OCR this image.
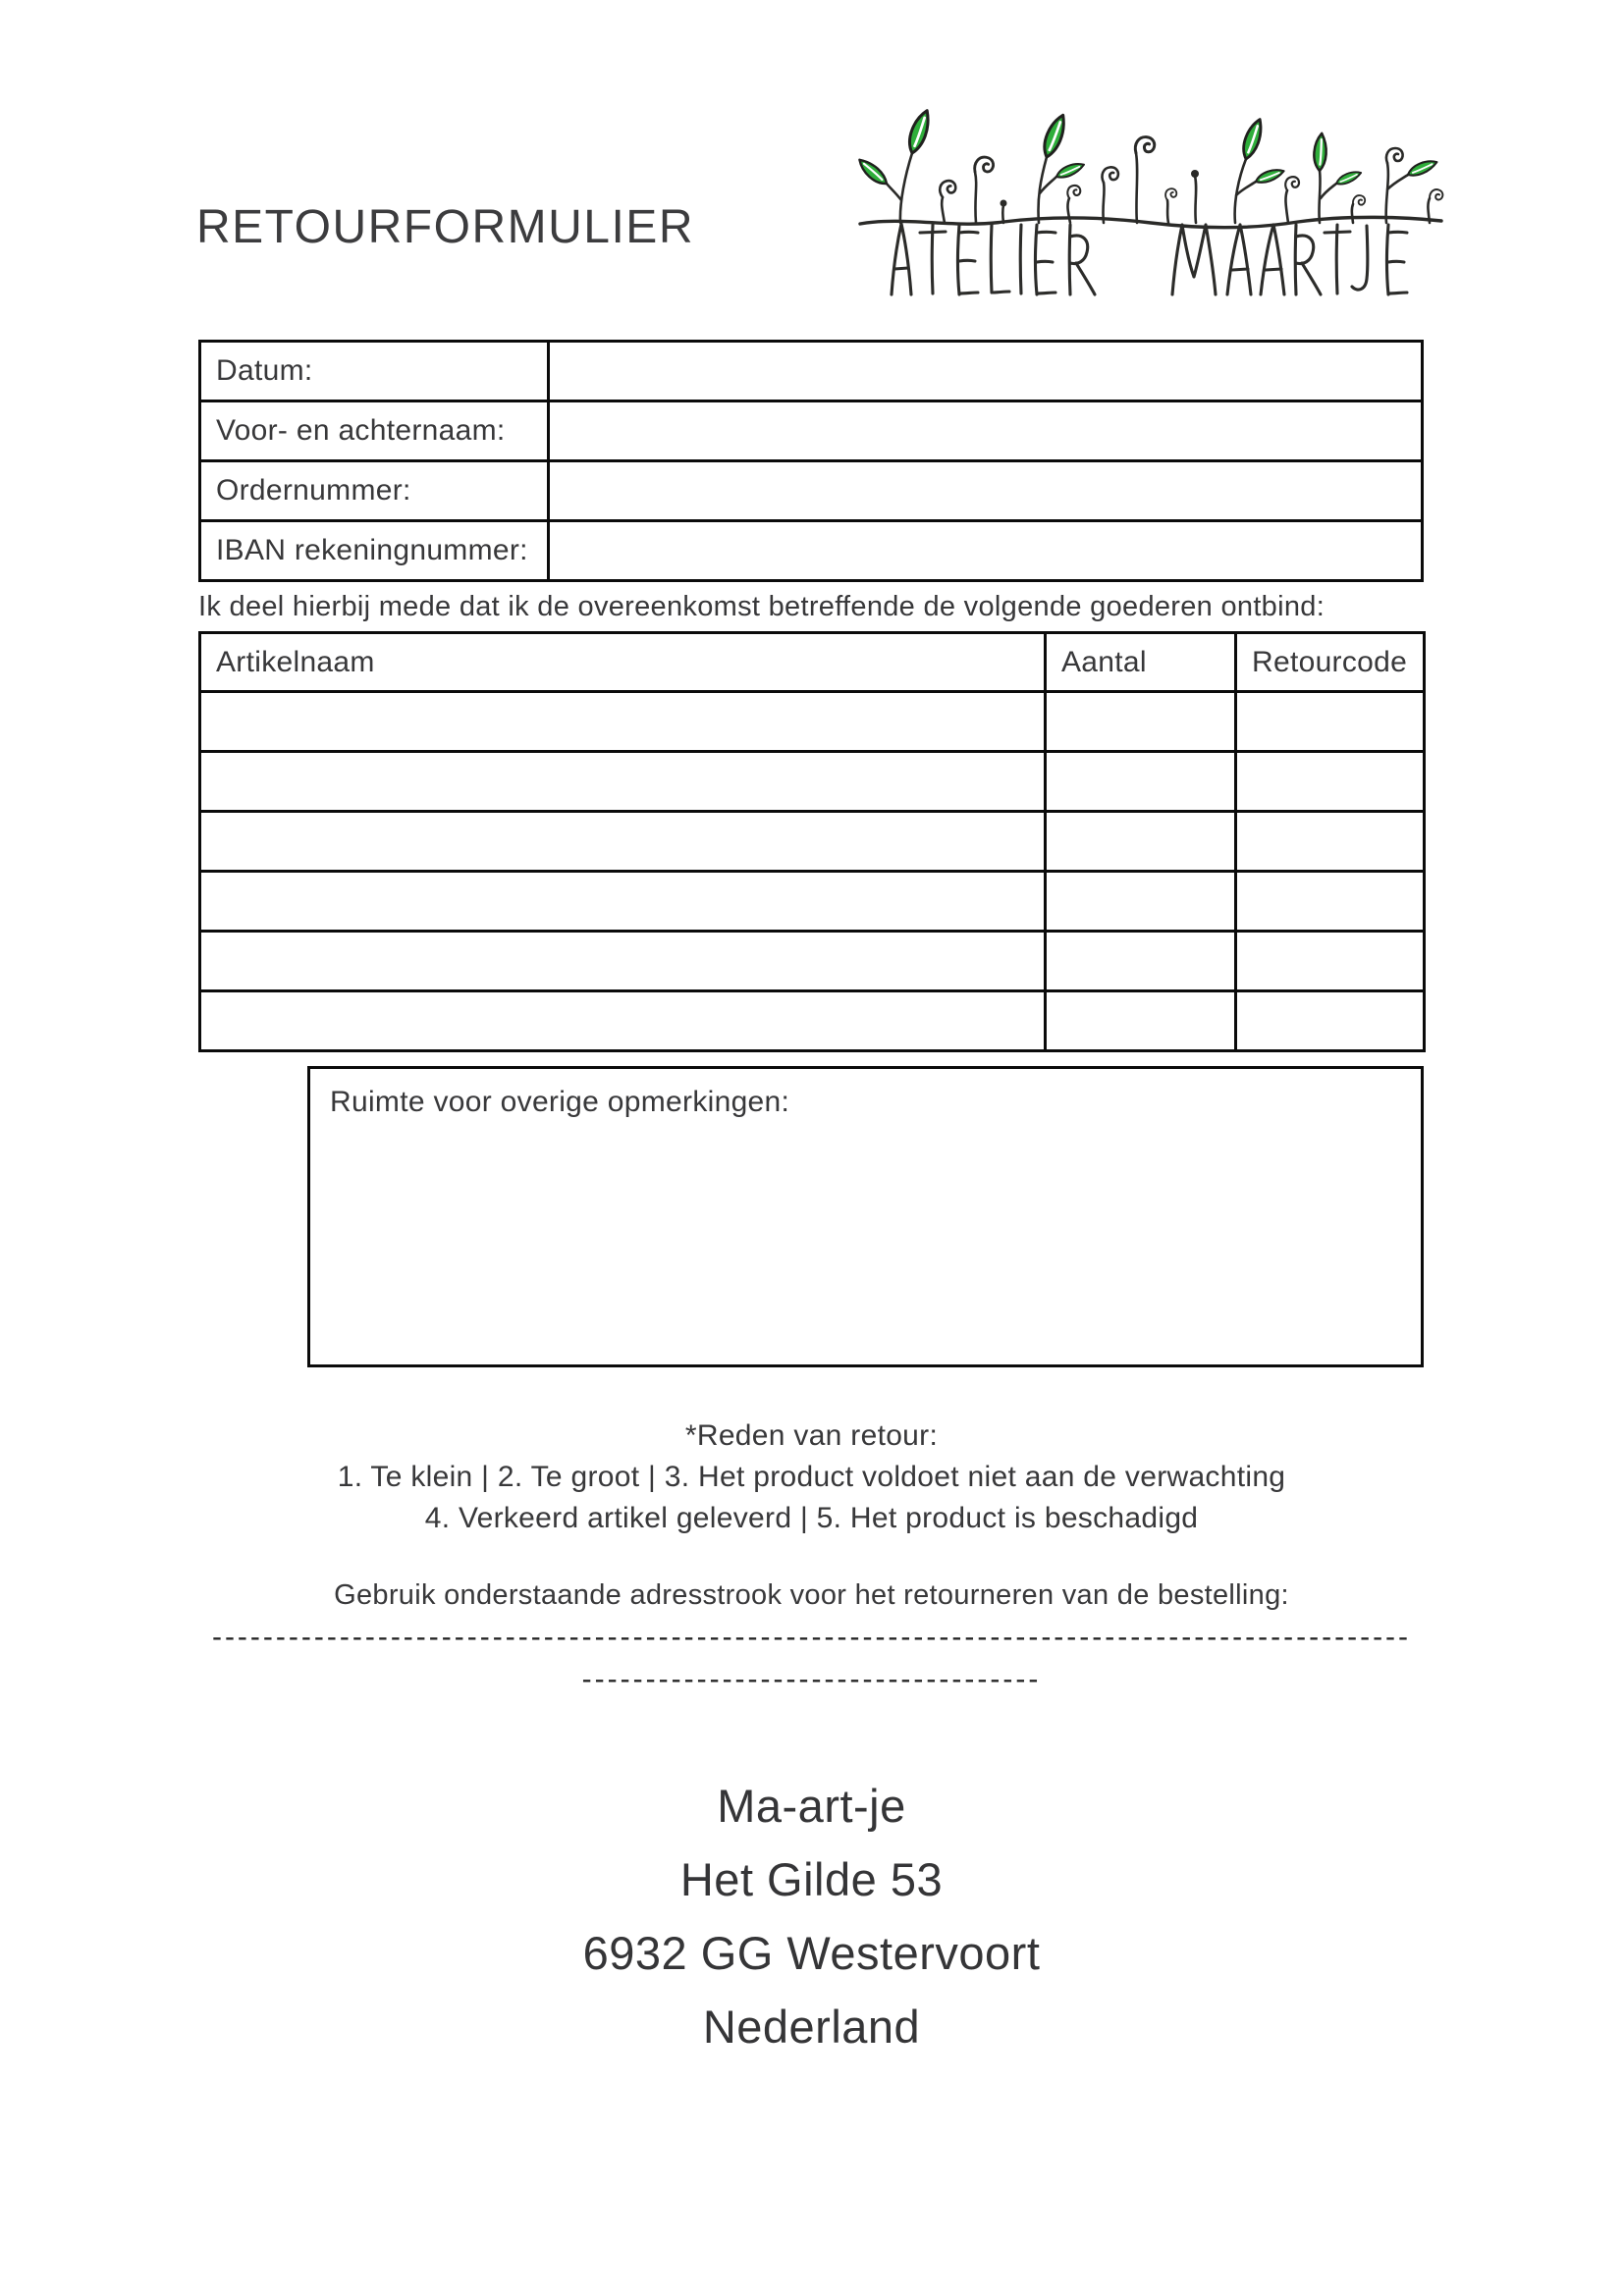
RETOURFORMULIER
Datum:	
Voor- en achternaam:	
Ordernummer:	
IBAN rekeningnummer:	
Ik deel hierbij mede dat ik de overeenkomst betreffende de volgende goederen ontbind:
Artikelnaam	Aantal	Retourcode

Ruimte voor overige opmerkingen:
*Reden van retour:
1. Te klein | 2. Te groot | 3. Het product voldoet niet aan de verwachting
4. Verkeerd artikel geleverd | 5. Het product is beschadigd
Gebruik onderstaande adresstrook voor het retourneren van de bestelling:
----------------------------------------------------------------------------------------------
------------------------------------
Ma-art-je
Het Gilde 53
6932 GG Westervoort
Nederland
